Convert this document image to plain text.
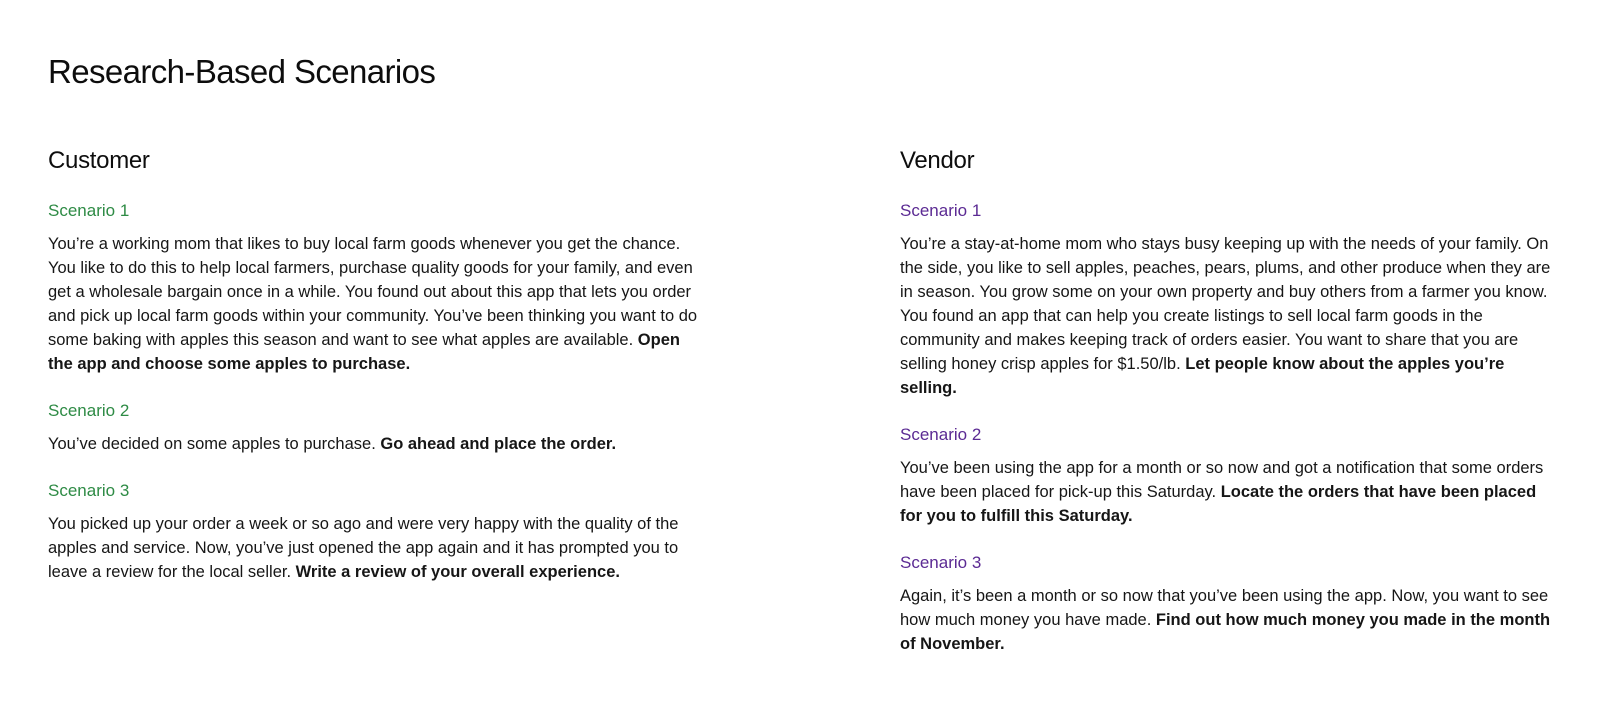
Research-Based Scenarios
Customer
Scenario 1

You’re a working mom that likes to buy local farm goods whenever you get the chance. You like to do this to help local farmers, purchase quality goods for your family, and even get a wholesale bargain once in a while. You found out about this app that lets you order and pick up local farm goods within your community. You’ve been thinking you want to do some baking with apples this season and want to see what apples are available. Open the app and choose some apples to purchase.

Scenario 2

You’ve decided on some apples to purchase. Go ahead and place the order.

Scenario 3

You picked up your order a week or so ago and were very happy with the quality of the apples and service. Now, you’ve just opened the app again and it has prompted you to leave a review for the local seller. Write a review of your overall experience.

Vendor
Scenario 1

You’re a stay-at-home mom who stays busy keeping up with the needs of your family. On the side, you like to sell apples, peaches, pears, plums, and other produce when they are in season. You grow some on your own property and buy others from a farmer you know. You found an app that can help you create listings to sell local farm goods in the community and makes keeping track of orders easier. You want to share that you are selling honey crisp apples for $1.50/lb. Let people know about the apples you’re selling.

Scenario 2

You’ve been using the app for a month or so now and got a notification that some orders have been placed for pick-up this Saturday. Locate the orders that have been placed for you to fulfill this Saturday.

Scenario 3

Again, it’s been a month or so now that you’ve been using the app. Now, you want to see how much money you have made. Find out how much money you made in the month of November.
